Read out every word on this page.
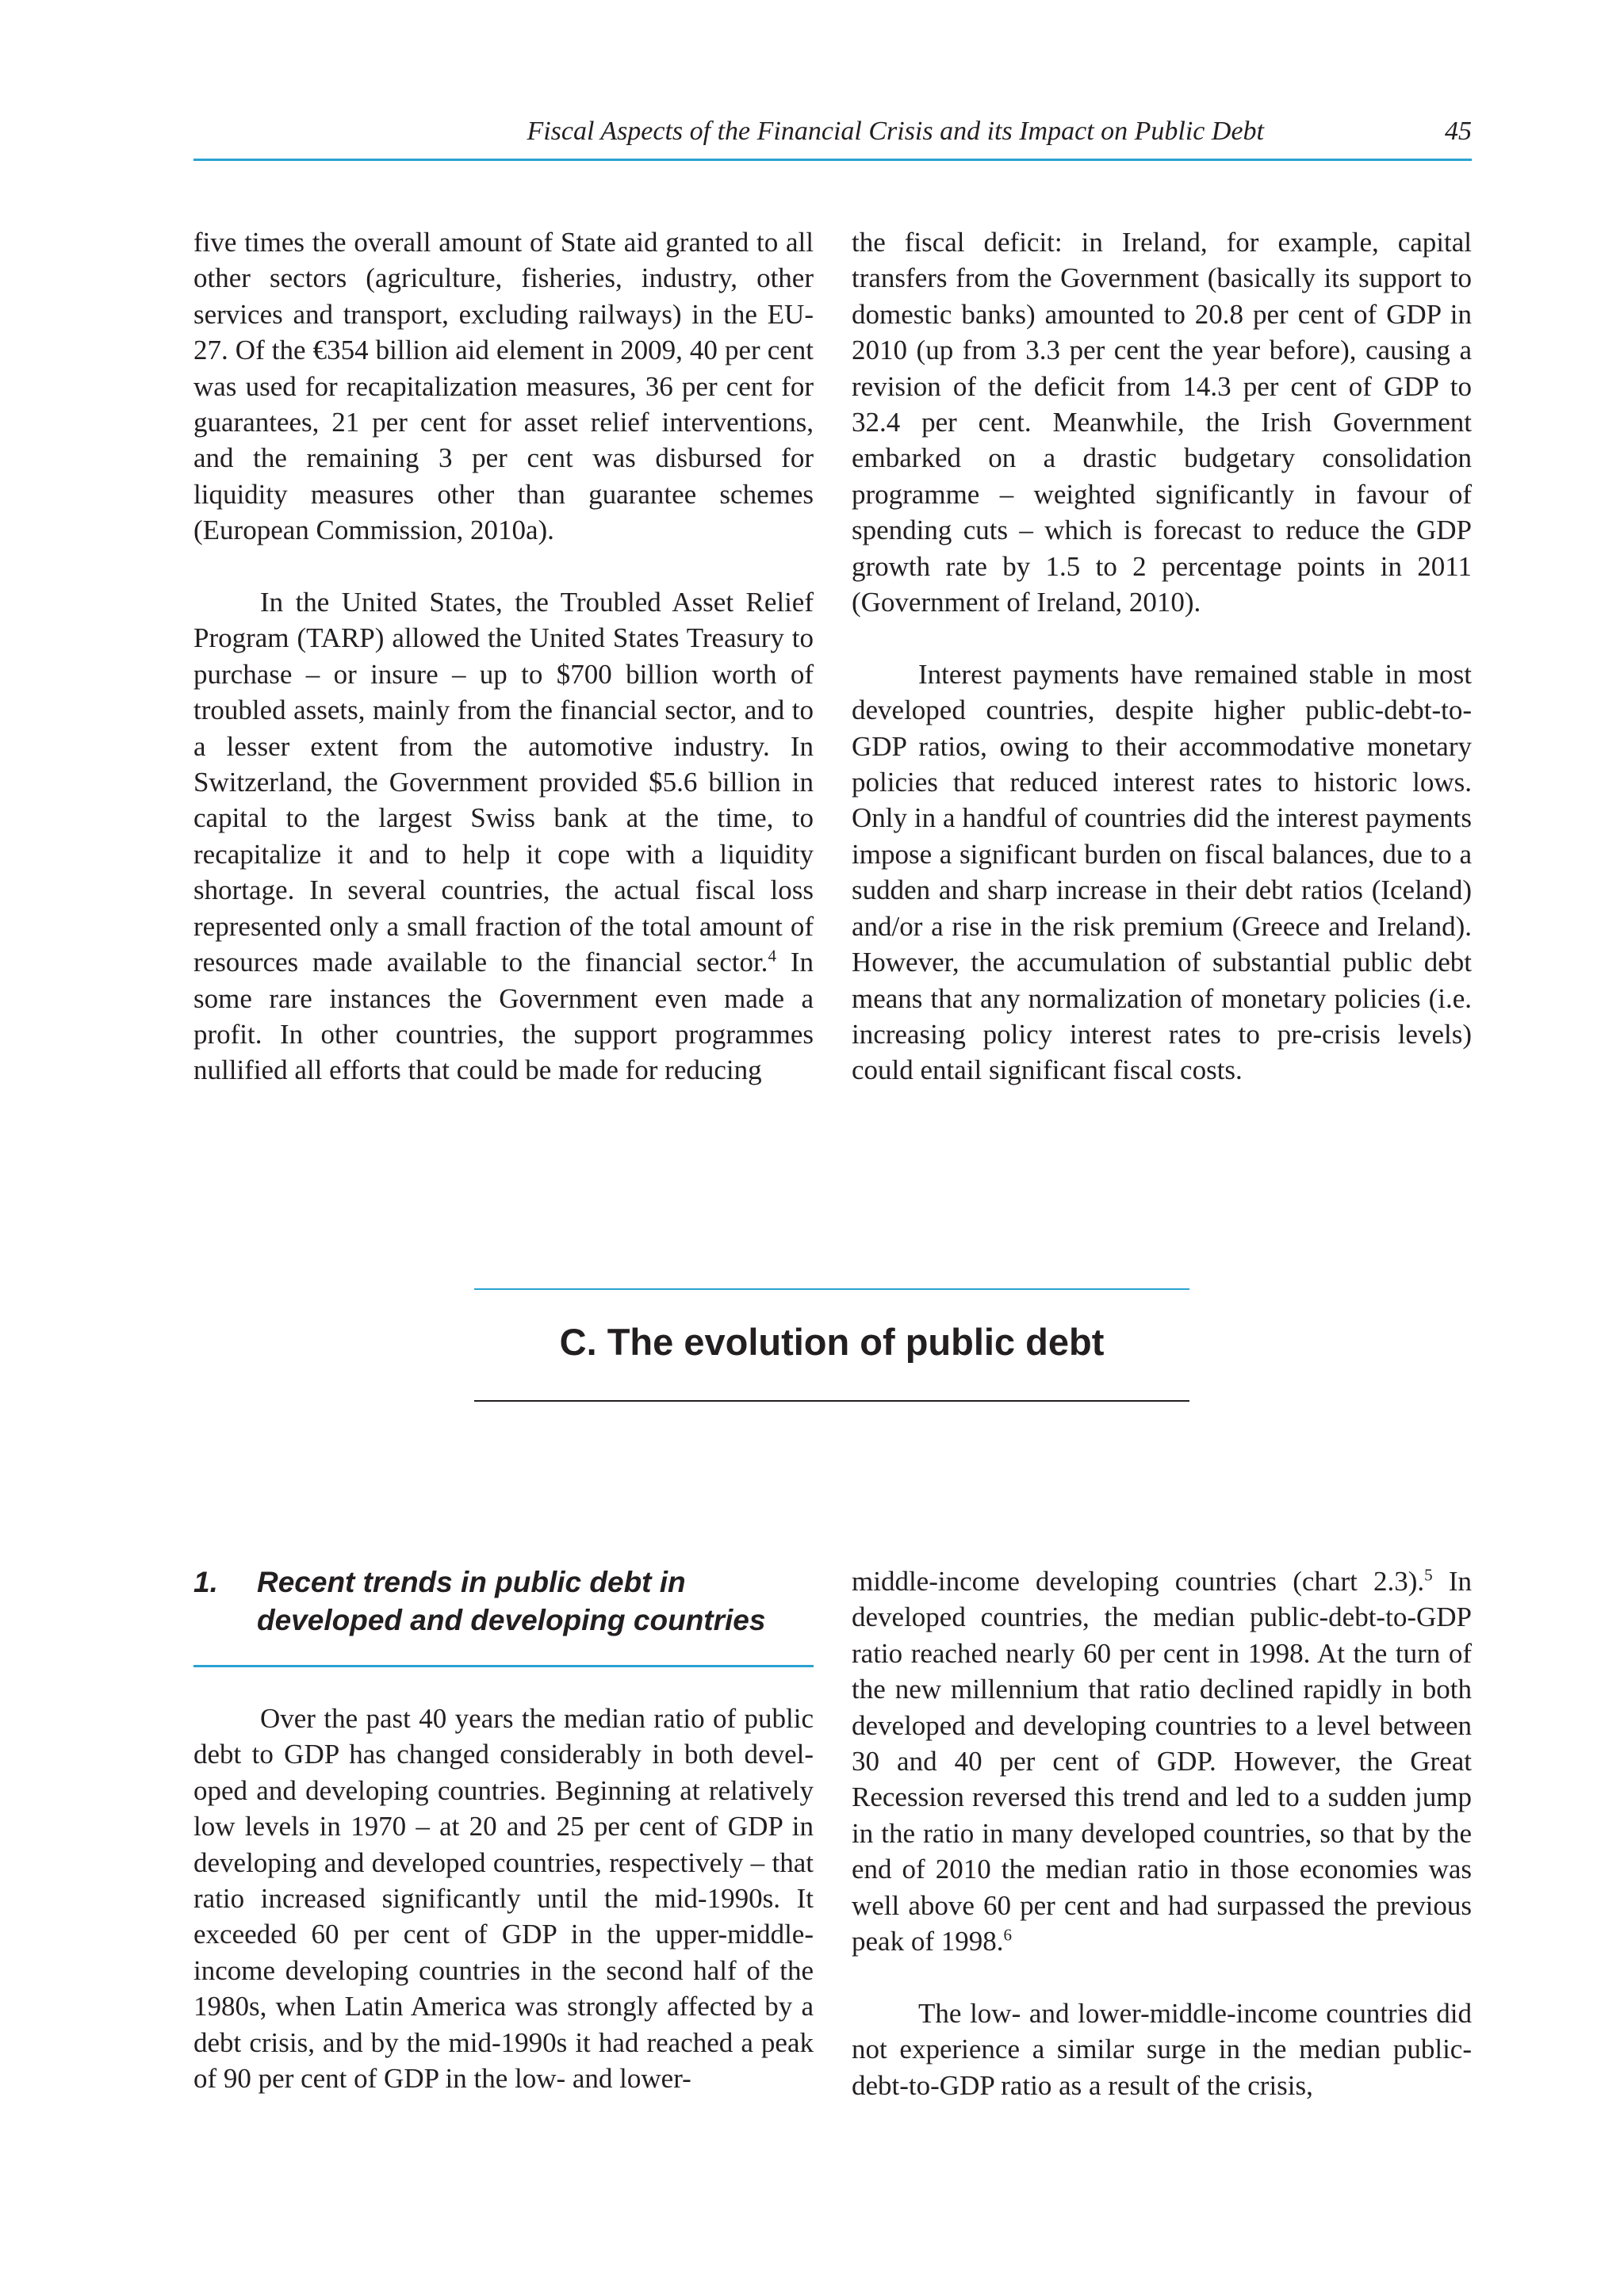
Fiscal Aspects of the Financial Crisis and its Impact on Public Debt	45

five times the overall amount of State aid granted to all other sectors (agriculture, fisheries, industry, other services and transport, excluding railways) in the EU-27. Of the €354 billion aid element in 2009, 40 per cent was used for recapitalization measures, 36 per cent for guarantees, 21 per cent for asset relief interventions, and the remaining 3 per cent was disbursed for liquidity measures other than guarantee schemes (European Commission, 2010a).

In the United States, the Troubled Asset Relief Program (TARP) allowed the United States Treasury to purchase – or insure – up to $700 billion worth of troubled assets, mainly from the financial sector, and to a lesser extent from the automotive industry. In Switzerland, the Government provided $5.6 billion in capital to the largest Swiss bank at the time, to recapitalize it and to help it cope with a liquidity shortage. In several countries, the actual fiscal loss represented only a small fraction of the total amount of resources made available to the financial sector.$^4$ In some rare instances the Government even made a profit. In other countries, the support programmes nullified all efforts that could be made for reducing

the fiscal deficit: in Ireland, for example, capital transfers from the Government (basically its support to domestic banks) amounted to 20.8 per cent of GDP in 2010 (up from 3.3 per cent the year before), causing a revision of the deficit from 14.3 per cent of GDP to 32.4 per cent. Meanwhile, the Irish Government embarked on a drastic budgetary consolidation programme – weighted significantly in favour of spending cuts – which is forecast to reduce the GDP growth rate by 1.5 to 2 percentage points in 2011 (Government of Ireland, 2010).

Interest payments have remained stable in most developed countries, despite higher public-debt-to-GDP ratios, owing to their accommodative monetary policies that reduced interest rates to historic lows. Only in a handful of countries did the interest payments impose a significant burden on fiscal balances, due to a sudden and sharp increase in their debt ratios (Iceland) and/or a rise in the risk premium (Greece and Ireland). However, the accumulation of substantial public debt means that any normalization of monetary policies (i.e. increasing policy interest rates to pre-crisis levels) could entail significant fiscal costs.

C. The evolution of public debt
1. Recent trends in public debt in developed and developing countries

Over the past 40 years the median ratio of public debt to GDP has changed considerably in both developed and developing countries. Beginning at relatively low levels in 1970 – at 20 and 25 per cent of GDP in developing and developed countries, respectively – that ratio increased significantly until the mid-1990s. It exceeded 60 per cent of GDP in the upper-middle-income developing countries in the second half of the 1980s, when Latin America was strongly affected by a debt crisis, and by the mid-1990s it had reached a peak of 90 per cent of GDP in the low- and lower-

middle-income developing countries (chart 2.3).$^5$ In developed countries, the median public-debt-to-GDP ratio reached nearly 60 per cent in 1998. At the turn of the new millennium that ratio declined rapidly in both developed and developing countries to a level between 30 and 40 per cent of GDP. However, the Great Recession reversed this trend and led to a sudden jump in the ratio in many developed countries, so that by the end of 2010 the median ratio in those economies was well above 60 per cent and had surpassed the previous peak of 1998.$^6$

The low- and lower-middle-income countries did not experience a similar surge in the median public-debt-to-GDP ratio as a result of the crisis,
